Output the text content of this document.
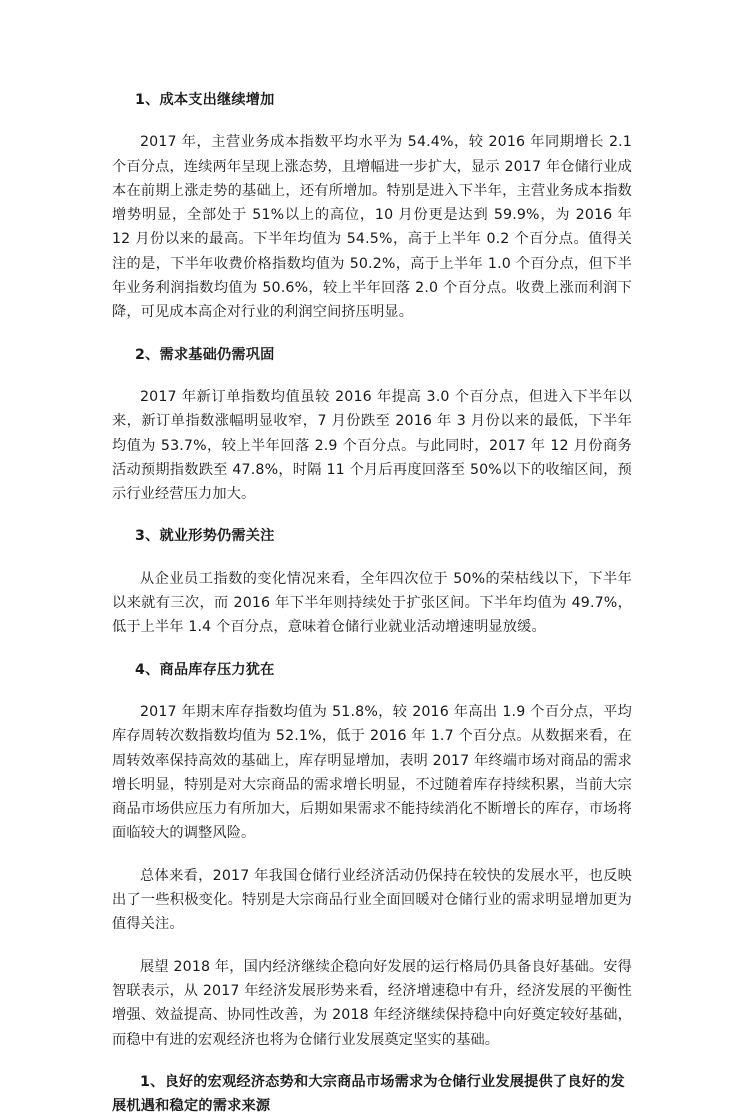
1、成本支出继续增加
2017 年，主营业务成本指数平均水平为 54.4%，较 2016 年同期增长 2.1 个百分点，连续两年呈现上涨态势，且增幅进一步扩大，显示 2017 年仓储行业成本在前期上涨走势的基础上，还有所增加。特别是进入下半年，主营业务成本指数增势明显，全部处于 51%以上的高位，10 月份更是达到 59.9%，为 2016 年 12 月份以来的最高。下半年均值为 54.5%，高于上半年 0.2 个百分点。值得关注的是，下半年收费价格指数均值为 50.2%，高于上半年 1.0 个百分点，但下半年业务利润指数均值为 50.6%，较上半年回落 2.0 个百分点。收费上涨而利润下降，可见成本高企对行业的利润空间挤压明显。
2、需求基础仍需巩固
2017 年新订单指数均值虽较 2016 年提高 3.0 个百分点，但进入下半年以来，新订单指数涨幅明显收窄，7 月份跌至 2016 年 3 月份以来的最低，下半年均值为 53.7%，较上半年回落 2.9 个百分点。与此同时，2017 年 12 月份商务活动预期指数跌至 47.8%，时隔 11 个月后再度回落至 50%以下的收缩区间，预示行业经营压力加大。
3、就业形势仍需关注
从企业员工指数的变化情况来看，全年四次位于 50%的荣枯线以下，下半年以来就有三次，而 2016 年下半年则持续处于扩张区间。下半年均值为 49.7%，低于上半年 1.4 个百分点，意味着仓储行业就业活动增速明显放缓。
4、商品库存压力犹在
2017 年期末库存指数均值为 51.8%，较 2016 年高出 1.9 个百分点，平均库存周转次数指数均值为 52.1%，低于 2016 年 1.7 个百分点。从数据来看，在周转效率保持高效的基础上，库存明显增加，表明 2017 年终端市场对商品的需求增长明显，特别是对大宗商品的需求增长明显，不过随着库存持续积累，当前大宗商品市场供应压力有所加大，后期如果需求不能持续消化不断增长的库存，市场将面临较大的调整风险。
总体来看，2017 年我国仓储行业经济活动仍保持在较快的发展水平，也反映出了一些积极变化。特别是大宗商品行业全面回暖对仓储行业的需求明显增加更为值得关注。
展望 2018 年，国内经济继续企稳向好发展的运行格局仍具备良好基础。安得智联表示，从 2017 年经济发展形势来看，经济增速稳中有升，经济发展的平衡性增强、效益提高、协同性改善，为 2018 年经济继续保持稳中向好奠定较好基础，而稳中有进的宏观经济也将为仓储行业发展奠定坚实的基础。
1、良好的宏观经济态势和大宗商品市场需求为仓储行业发展提供了良好的发展机遇和稳定的需求来源
